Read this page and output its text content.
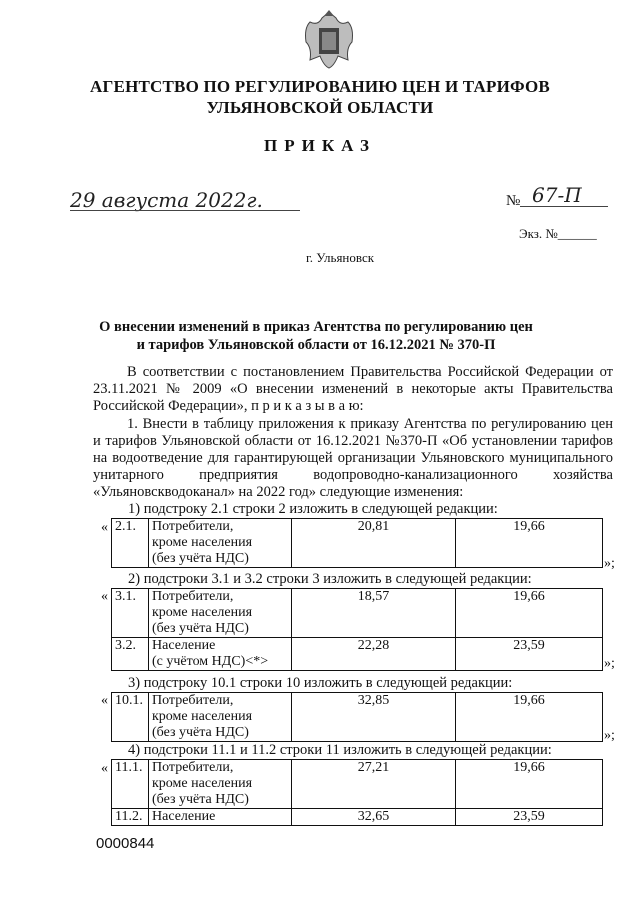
АГЕНТСТВО ПО РЕГУЛИРОВАНИЮ ЦЕН И ТАРИФОВ
УЛЬЯНОВСКОЙ ОБЛАСТИ
ПРИКАЗ
29 августа 2022г.	№ 67-П
Экз. №______
г. Ульяновск
О внесении изменений в приказ Агентства по регулированию цен
и тарифов Ульяновской области от 16.12.2021 № 370-П
В соответствии с постановлением Правительства Российской Федерации от 23.11.2021 № 2009 «О внесении изменений в некоторые акты Правительства Российской Федерации», п р и к а з ы в а ю:
1. Внести в таблицу приложения к приказу Агентства по регулированию цен и тарифов Ульяновской области от 16.12.2021 №370-П «Об установлении тарифов на водоотведение для гарантирующей организации Ульяновского муниципального унитарного предприятия водопроводно-канализационного хозяйства «Ульяновскводоканал» на 2022 год» следующие изменения:
1) подстроку 2.1 строки 2 изложить в следующей редакции:
« 2.1.	Потребители,
кроме населения
(без учёта НДС)	20,81	19,66
»;
2) подстроки 3.1 и 3.2 строки 3 изложить в следующей редакции:
« 3.1.	Потребители,
кроме населения
(без учёта НДС)	18,57	19,66
3.2.	Население
(с учётом НДС)<*>	22,28	23,59
»;
3) подстроку 10.1 строки 10 изложить в следующей редакции:
« 10.1.	Потребители,
кроме населения
(без учёта НДС)	32,85	19,66
»;
4) подстроки 11.1 и 11.2 строки 11 изложить в следующей редакции:
« 11.1.	Потребители,
кроме населения
(без учёта НДС)	27,21	19,66
11.2.	Население	32,65	23,59
0000844
